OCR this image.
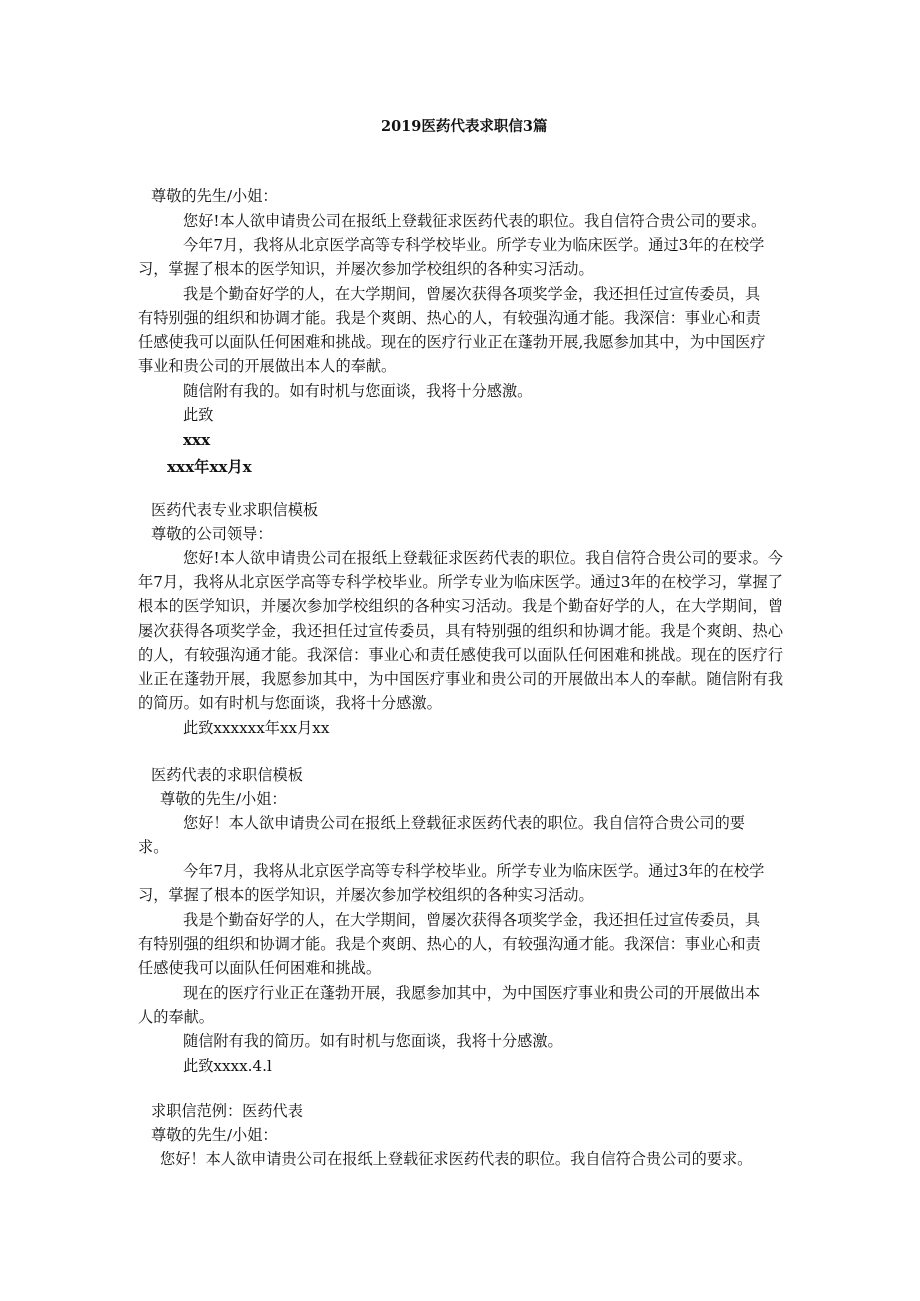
2019医药代表求职信3篇

尊敬的先生/小姐：

您好!本人欲申请贵公司在报纸上登载征求医药代表的职位。我自信符合贵公司的要求。

今年7月，我将从北京医学高等专科学校毕业。所学专业为临床医学。通过3年的在校学

习，掌握了根本的医学知识，并屡次参加学校组织的各种实习活动。

我是个勤奋好学的人，在大学期间，曾屡次获得各项奖学金，我还担任过宣传委员，具

有特别强的组织和协调才能。我是个爽朗、热心的人，有较强沟通才能。我深信：事业心和责

任感使我可以面队任何困难和挑战。现在的医疗行业正在蓬勃开展,我愿参加其中，为中国医疗

事业和贵公司的开展做出本人的奉献。

随信附有我的。如有时机与您面谈，我将十分感激。

此致

xxx

xxx年xx月x

医药代表专业求职信模板

尊敬的公司领导：

您好!本人欲申请贵公司在报纸上登载征求医药代表的职位。我自信符合贵公司的要求。今年7月，我将从北京医学高等专科学校毕业。所学专业为临床医学。通过3年的在校学习，掌握了根本的医学知识，并屡次参加学校组织的各种实习活动。我是个勤奋好学的人，在大学期间，曾屡次获得各项奖学金，我还担任过宣传委员，具有特别强的组织和协调才能。我是个爽朗、热心的人，有较强沟通才能。我深信：事业心和责任感使我可以面队任何困难和挑战。现在的医疗行业正在蓬勃开展，我愿参加其中，为中国医疗事业和贵公司的开展做出本人的奉献。随信附有我的简历。如有时机与您面谈，我将十分感激。

此致xxxxxx年xx月xx

医药代表的求职信模板

尊敬的先生/小姐：

您好！本人欲申请贵公司在报纸上登载征求医药代表的职位。我自信符合贵公司的要

求。

今年7月，我将从北京医学高等专科学校毕业。所学专业为临床医学。通过3年的在校学

习，掌握了根本的医学知识，并屡次参加学校组织的各种实习活动。

我是个勤奋好学的人，在大学期间，曾屡次获得各项奖学金，我还担任过宣传委员，具

有特别强的组织和协调才能。我是个爽朗、热心的人，有较强沟通才能。我深信：事业心和责

任感使我可以面队任何困难和挑战。

现在的医疗行业正在蓬勃开展，我愿参加其中，为中国医疗事业和贵公司的开展做出本

人的奉献。

随信附有我的简历。如有时机与您面谈，我将十分感激。

此致xxxx.4.l

求职信范例：医药代表

尊敬的先生/小姐：

您好！本人欲申请贵公司在报纸上登载征求医药代表的职位。我自信符合贵公司的要求。
